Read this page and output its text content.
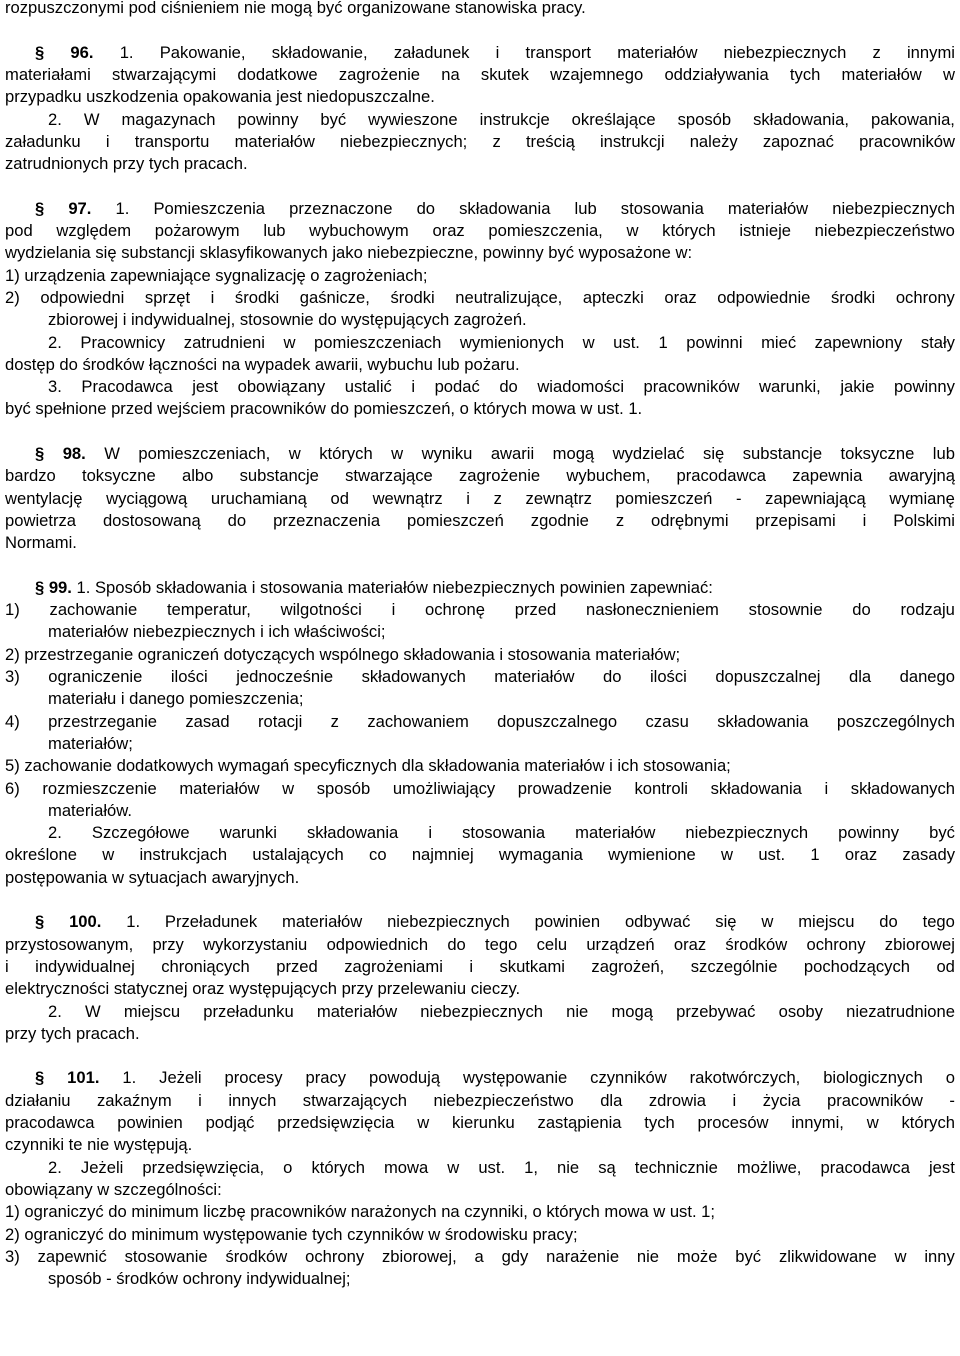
rozpuszczonymi pod ciśnieniem nie mogą być organizowane stanowiska pracy.
§ 96. 1. Pakowanie, składowanie, załadunek i transport materiałów niebezpiecznych z innymi
materiałami stwarzającymi dodatkowe zagrożenie na skutek wzajemnego oddziaływania tych materiałów w
przypadku uszkodzenia opakowania jest niedopuszczalne.
2. W magazynach powinny być wywieszone instrukcje określające sposób składowania, pakowania,
załadunku i transportu materiałów niebezpiecznych; z treścią instrukcji należy zapoznać pracowników
zatrudnionych przy tych pracach.
§ 97. 1. Pomieszczenia przeznaczone do składowania lub stosowania materiałów niebezpiecznych
pod względem pożarowym lub wybuchowym oraz pomieszczenia, w których istnieje niebezpieczeństwo
wydzielania się substancji sklasyfikowanych jako niebezpieczne, powinny być wyposażone w:
1) urządzenia zapewniające sygnalizację o zagrożeniach;
2) odpowiedni sprzęt i środki gaśnicze, środki neutralizujące, apteczki oraz odpowiednie środki ochrony
zbiorowej i indywidualnej, stosownie do występujących zagrożeń.
2. Pracownicy zatrudnieni w pomieszczeniach wymienionych w ust. 1 powinni mieć zapewniony stały
dostęp do środków łączności na wypadek awarii, wybuchu lub pożaru.
3. Pracodawca jest obowiązany ustalić i podać do wiadomości pracowników warunki, jakie powinny
być spełnione przed wejściem pracowników do pomieszczeń, o których mowa w ust. 1.
§ 98. W pomieszczeniach, w których w wyniku awarii mogą wydzielać się substancje toksyczne lub
bardzo toksyczne albo substancje stwarzające zagrożenie wybuchem, pracodawca zapewnia awaryjną
wentylację wyciągową uruchamianą od wewnątrz i z zewnątrz pomieszczeń - zapewniającą wymianę
powietrza dostosowaną do przeznaczenia pomieszczeń zgodnie z odrębnymi przepisami i Polskimi
Normami.
§ 99. 1. Sposób składowania i stosowania materiałów niebezpiecznych powinien zapewniać:
1) zachowanie temperatur, wilgotności i ochronę przed nasłonecznieniem stosownie do rodzaju
materiałów niebezpiecznych i ich właściwości;
2) przestrzeganie ograniczeń dotyczących wspólnego składowania i stosowania materiałów;
3) ograniczenie ilości jednocześnie składowanych materiałów do ilości dopuszczalnej dla danego
materiału i danego pomieszczenia;
4) przestrzeganie zasad rotacji z zachowaniem dopuszczalnego czasu składowania poszczególnych
materiałów;
5) zachowanie dodatkowych wymagań specyficznych dla składowania materiałów i ich stosowania;
6) rozmieszczenie materiałów w sposób umożliwiający prowadzenie kontroli składowania i składowanych
materiałów.
2. Szczegółowe warunki składowania i stosowania materiałów niebezpiecznych powinny być
określone w instrukcjach ustalających co najmniej wymagania wymienione w ust. 1 oraz zasady
postępowania w sytuacjach awaryjnych.
§ 100. 1. Przeładunek materiałów niebezpiecznych powinien odbywać się w miejscu do tego
przystosowanym, przy wykorzystaniu odpowiednich do tego celu urządzeń oraz środków ochrony zbiorowej
i indywidualnej chroniących przed zagrożeniami i skutkami zagrożeń, szczególnie pochodzących od
elektryczności statycznej oraz występujących przy przelewaniu cieczy.
2. W miejscu przeładunku materiałów niebezpiecznych nie mogą przebywać osoby niezatrudnione
przy tych pracach.
§ 101. 1. Jeżeli procesy pracy powodują występowanie czynników rakotwórczych, biologicznych o
działaniu zakaźnym i innych stwarzających niebezpieczeństwo dla zdrowia i życia pracowników -
pracodawca powinien podjąć przedsięwzięcia w kierunku zastąpienia tych procesów innymi, w których
czynniki te nie występują.
2. Jeżeli przedsięwzięcia, o których mowa w ust. 1, nie są technicznie możliwe, pracodawca jest
obowiązany w szczególności:
1) ograniczyć do minimum liczbę pracowników narażonych na czynniki, o których mowa w ust. 1;
2) ograniczyć do minimum występowanie tych czynników w środowisku pracy;
3) zapewnić stosowanie środków ochrony zbiorowej, a gdy narażenie nie może być zlikwidowane w inny
sposób - środków ochrony indywidualnej;
